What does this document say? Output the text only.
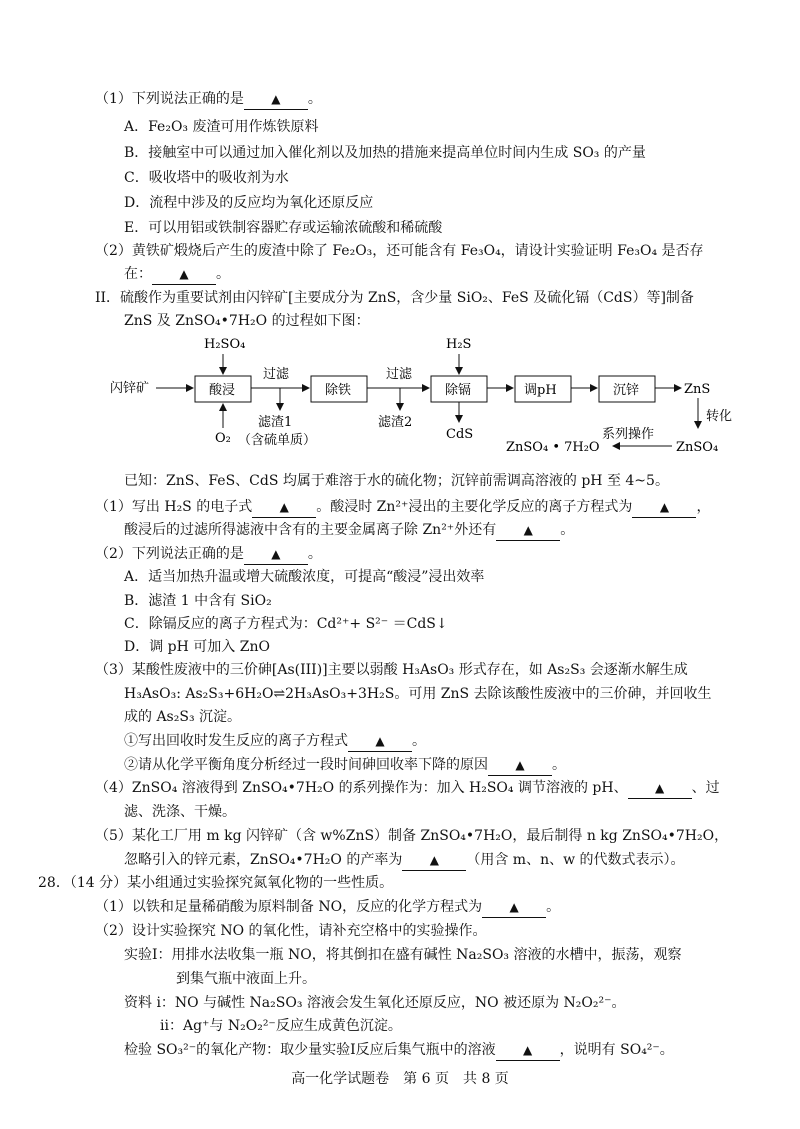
（1）下列说法正确的是 ▲ 。
A．Fe₂O₃ 废渣可用作炼铁原料
B．接触室中可以通过加入催化剂以及加热的措施来提高单位时间内生成 SO₃ 的产量
C．吸收塔中的吸收剂为水
D．流程中涉及的反应均为氧化还原反应
E．可以用铝或铁制容器贮存或运输浓硫酸和稀硫酸
（2）黄铁矿煅烧后产生的废渣中除了 Fe₂O₃，还可能含有 Fe₃O₄，请设计实验证明 Fe₃O₄ 是否存
在： ▲ 。
II．硫酸作为重要试剂由闪锌矿[主要成分为 ZnS，含少量 SiO₂、FeS 及硫化镉（CdS）等]制备
ZnS 及 ZnSO₄•7H₂O 的过程如下图：
已知：ZnS、FeS、CdS 均属于难溶于水的硫化物；沉锌前需调高溶液的 pH 至 4~5。
（1）写出 H₂S 的电子式 ▲ 。酸浸时 Zn²⁺浸出的主要化学反应的离子方程式为 ▲ ，
酸浸后的过滤所得滤液中含有的主要金属离子除 Zn²⁺外还有 ▲ 。
（2）下列说法正确的是 ▲ 。
A．适当加热升温或增大硫酸浓度，可提高“酸浸”浸出效率
B．滤渣 1 中含有 SiO₂
C．除镉反应的离子方程式为：Cd²⁺+ S²⁻ ＝CdS↓
D．调 pH 可加入 ZnO
（3）某酸性废液中的三价砷[As(III)]主要以弱酸 H₃AsO₃ 形式存在，如 As₂S₃ 会逐渐水解生成
H₃AsO₃: As₂S₃+6H₂O⇌2H₃AsO₃+3H₂S。可用 ZnS 去除该酸性废液中的三价砷，并回收生
成的 As₂S₃ 沉淀。
①写出回收时发生反应的离子方程式 ▲ 。
②请从化学平衡角度分析经过一段时间砷回收率下降的原因 ▲ 。
（4）ZnSO₄ 溶液得到 ZnSO₄•7H₂O 的系列操作为：加入 H₂SO₄ 调节溶液的 pH、 ▲ 、过
滤、洗涤、干燥。
（5）某化工厂用 m kg 闪锌矿（含 w%ZnS）制备 ZnSO₄•7H₂O，最后制得 n kg ZnSO₄•7H₂O，
忽略引入的锌元素，ZnSO₄•7H₂O 的产率为 ▲ （用含 m、n、w 的代数式表示）。
28．（14 分）某小组通过实验探究氮氧化物的一些性质。
（1）以铁和足量稀硝酸为原料制备 NO，反应的化学方程式为 ▲ 。
（2）设计实验探究 NO 的氧化性，请补充空格中的实验操作。
实验I：用排水法收集一瓶 NO，将其倒扣在盛有碱性 Na₂SO₃ 溶液的水槽中，振荡，观察
到集气瓶中液面上升。
资料 i：NO 与碱性 Na₂SO₃ 溶液会发生氧化还原反应，NO 被还原为 N₂O₂²⁻。
ii：Ag⁺与 N₂O₂²⁻反应生成黄色沉淀。
检验 SO₃²⁻的氧化产物：取少量实验I反应后集气瓶中的溶液 ▲ ，说明有 SO₄²⁻。
闪锌矿	酸浸
H₂SO₄
O₂
过滤
滤渣1
（含硫单质）
除铁
过滤
滤渣2
除镉
H₂S
CdS
调pH	沉锌	ZnS
转化
ZnSO₄
系列操作
ZnSO₄ • 7H₂O
高一化学试题卷　第 6 页　共 8 页
